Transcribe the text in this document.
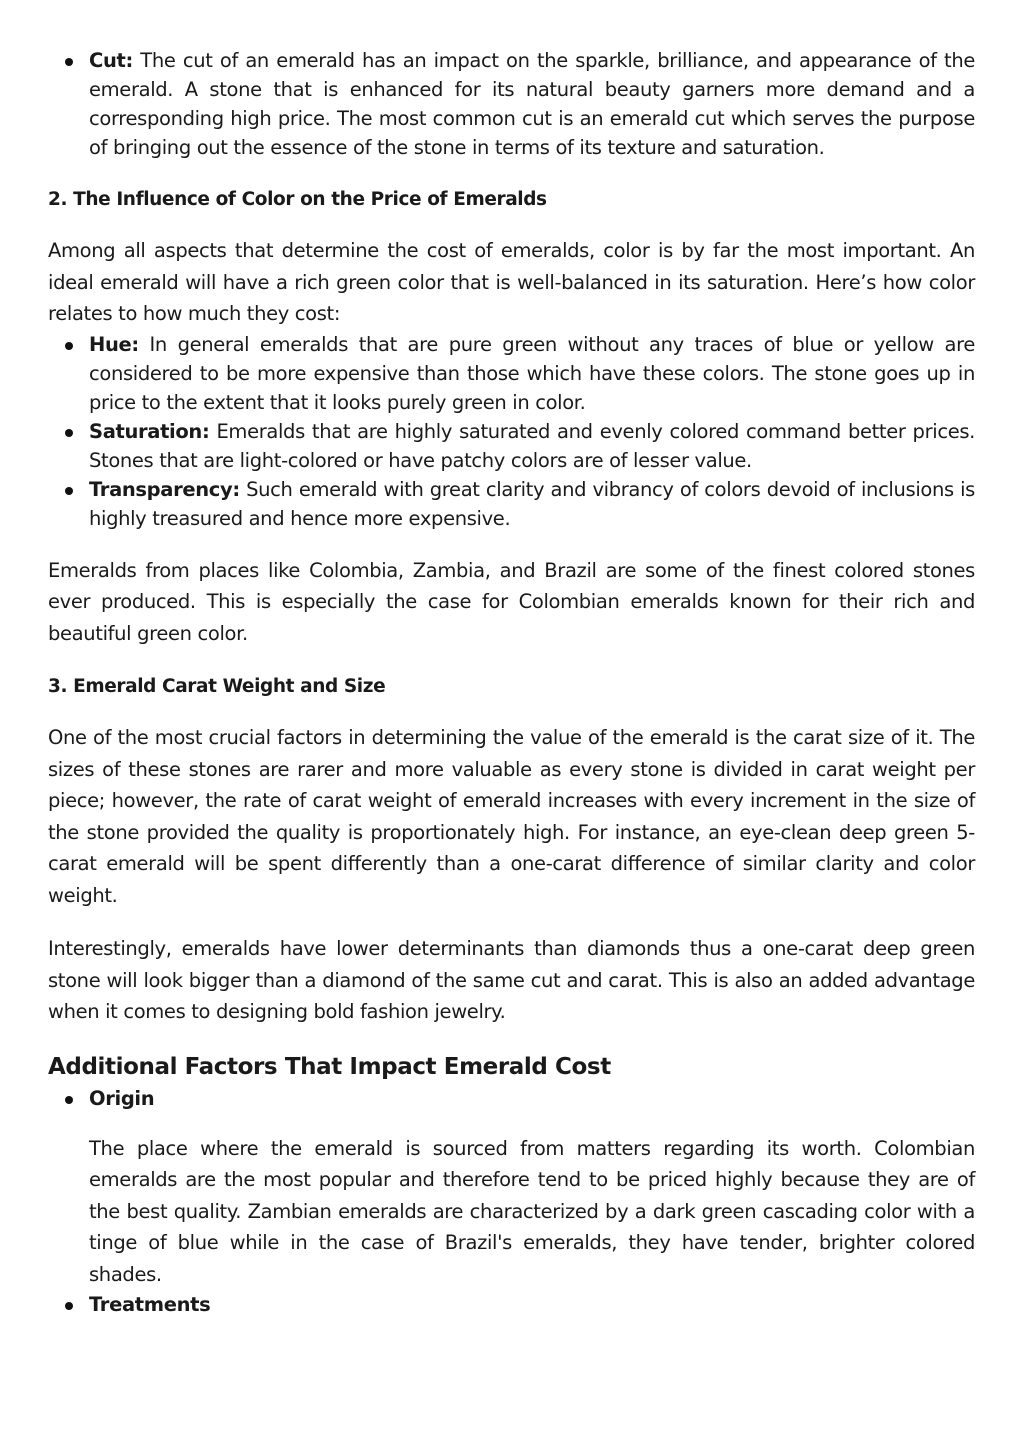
Cut: The cut of an emerald has an impact on the sparkle, brilliance, and appearance of the emerald. A stone that is enhanced for its natural beauty garners more demand and a corresponding high price. The most common cut is an emerald cut which serves the purpose of bringing out the essence of the stone in terms of its texture and saturation.
2. The Influence of Color on the Price of Emeralds

Among all aspects that determine the cost of emeralds, color is by far the most important. An ideal emerald will have a rich green color that is well-balanced in its saturation. Here’s how color relates to how much they cost:

Hue: In general emeralds that are pure green without any traces of blue or yellow are considered to be more expensive than those which have these colors. The stone goes up in price to the extent that it looks purely green in color.
Saturation: Emeralds that are highly saturated and evenly colored command better prices. Stones that are light-colored or have patchy colors are of lesser value.
Transparency: Such emerald with great clarity and vibrancy of colors devoid of inclusions is highly treasured and hence more expensive.

Emeralds from places like Colombia, Zambia, and Brazil are some of the finest colored stones ever produced. This is especially the case for Colombian emeralds known for their rich and beautiful green color.

3. Emerald Carat Weight and Size

One of the most crucial factors in determining the value of the emerald is the carat size of it. The sizes of these stones are rarer and more valuable as every stone is divided in carat weight per piece; however, the rate of carat weight of emerald increases with every increment in the size of the stone provided the quality is proportionately high. For instance, an eye-clean deep green 5-carat emerald will be spent differently than a one-carat difference of similar clarity and color weight.

Interestingly, emeralds have lower determinants than diamonds thus a one-carat deep green stone will look bigger than a diamond of the same cut and carat. This is also an added advantage when it comes to designing bold fashion jewelry.

Additional Factors That Impact Emerald Cost
Origin

The place where the emerald is sourced from matters regarding its worth. Colombian emeralds are the most popular and therefore tend to be priced highly because they are of the best quality. Zambian emeralds are characterized by a dark green cascading color with a tinge of blue while in the case of Brazil's emeralds, they have tender, brighter colored shades.

Treatments
